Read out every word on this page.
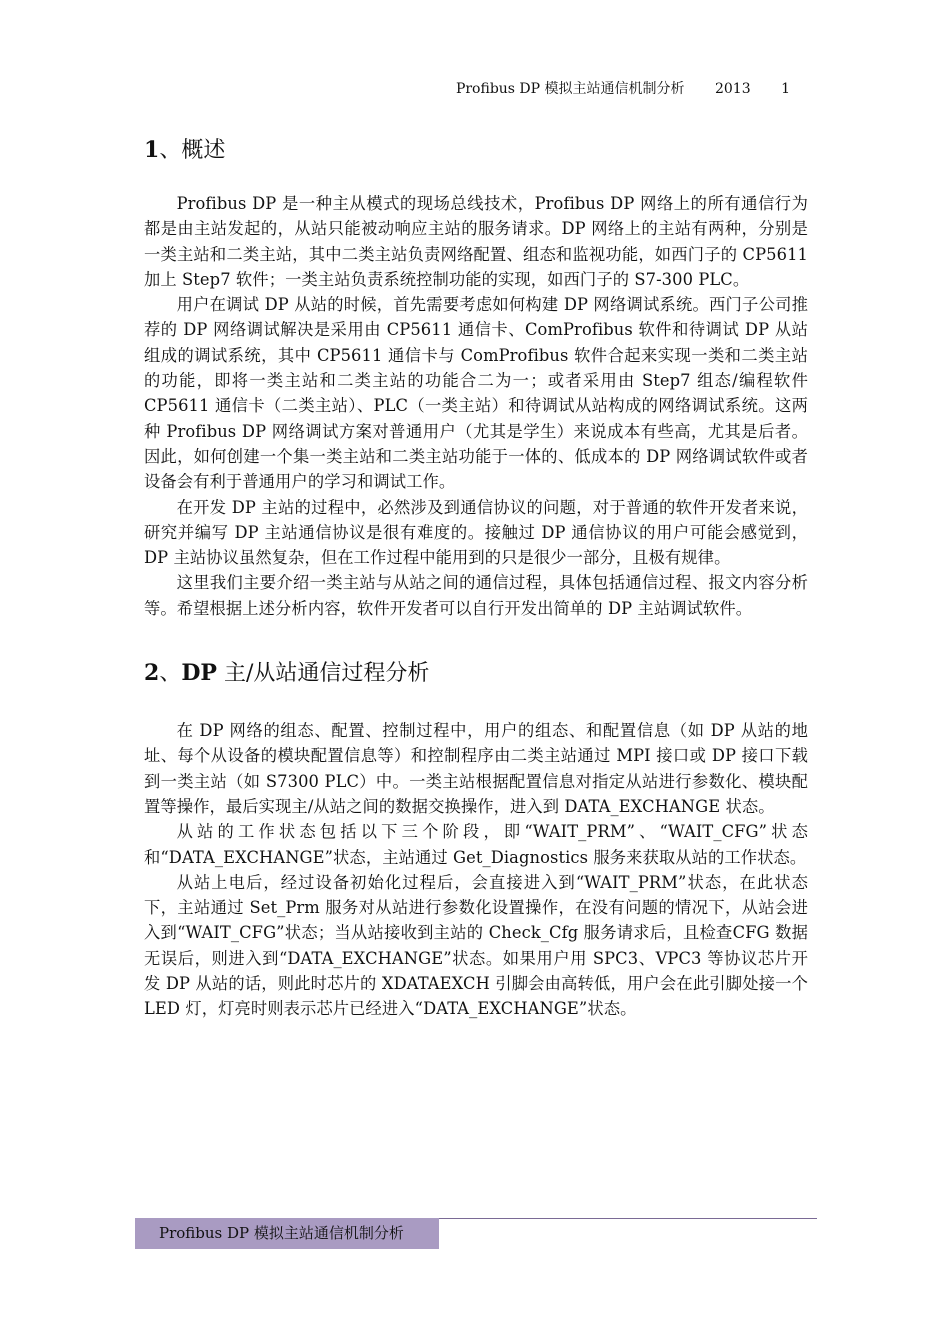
Profibus DP 模拟主站通信机制分析 2013 1
1、概述

Profibus DP 是一种主从模式的现场总线技术，Profibus DP 网络上的所有通信行为都是由主站发起的，从站只能被动响应主站的服务请求。DP 网络上的主站有两种，分别是一类主站和二类主站，其中二类主站负责网络配置、组态和监视功能，如西门子的 CP5611 加上 Step7 软件；一类主站负责系统控制功能的实现，如西门子的 S7-300 PLC。

用户在调试 DP 从站的时候，首先需要考虑如何构建 DP 网络调试系统。西门子公司推荐的 DP 网络调试解决是采用由 CP5611 通信卡、ComProfibus 软件和待调试 DP 从站组成的调试系统，其中 CP5611 通信卡与 ComProfibus 软件合起来实现一类和二类主站的功能，即将一类主站和二类主站的功能合二为一；或者采用由 Step7 组态/编程软件 CP5611 通信卡（二类主站）、PLC（一类主站）和待调试从站构成的网络调试系统。这两种 Profibus DP 网络调试方案对普通用户（尤其是学生）来说成本有些高，尤其是后者。因此，如何创建一个集一类主站和二类主站功能于一体的、低成本的 DP 网络调试软件或者设备会有利于普通用户的学习和调试工作。

在开发 DP 主站的过程中，必然涉及到通信协议的问题，对于普通的软件开发者来说，研究并编写 DP 主站通信协议是很有难度的。接触过 DP 通信协议的用户可能会感觉到，DP 主站协议虽然复杂，但在工作过程中能用到的只是很少一部分，且极有规律。

这里我们主要介绍一类主站与从站之间的通信过程，具体包括通信过程、报文内容分析等。希望根据上述分析内容，软件开发者可以自行开发出简单的 DP 主站调试软件。

2、DP 主/从站通信过程分析

在 DP 网络的组态、配置、控制过程中，用户的组态、和配置信息（如 DP 从站的地址、每个从设备的模块配置信息等）和控制程序由二类主站通过 MPI 接口或 DP 接口下载到一类主站（如 S7300 PLC）中。一类主站根据配置信息对指定从站进行参数化、模块配置等操作，最后实现主/从站之间的数据交换操作，进入到 DATA_EXCHANGE 状态。

从站的工作状态包括以下三个阶段，即“WAIT_PRM”、“WAIT_CFG”状态和“DATA_EXCHANGE”状态，主站通过 Get_Diagnostics 服务来获取从站的工作状态。

从站上电后，经过设备初始化过程后，会直接进入到“WAIT_PRM”状态，在此状态下，主站通过 Set_Prm 服务对从站进行参数化设置操作，在没有问题的情况下，从站会进入到“WAIT_CFG”状态；当从站接收到主站的 Check_Cfg 服务请求后，且检查CFG 数据无误后，则进入到“DATA_EXCHANGE”状态。如果用户用 SPC3、VPC3 等协议芯片开发 DP 从站的话，则此时芯片的 XDATAEXCH 引脚会由高转低，用户会在此引脚处接一个 LED 灯，灯亮时则表示芯片已经进入“DATA_EXCHANGE”状态。

Profibus DP 模拟主站通信机制分析
